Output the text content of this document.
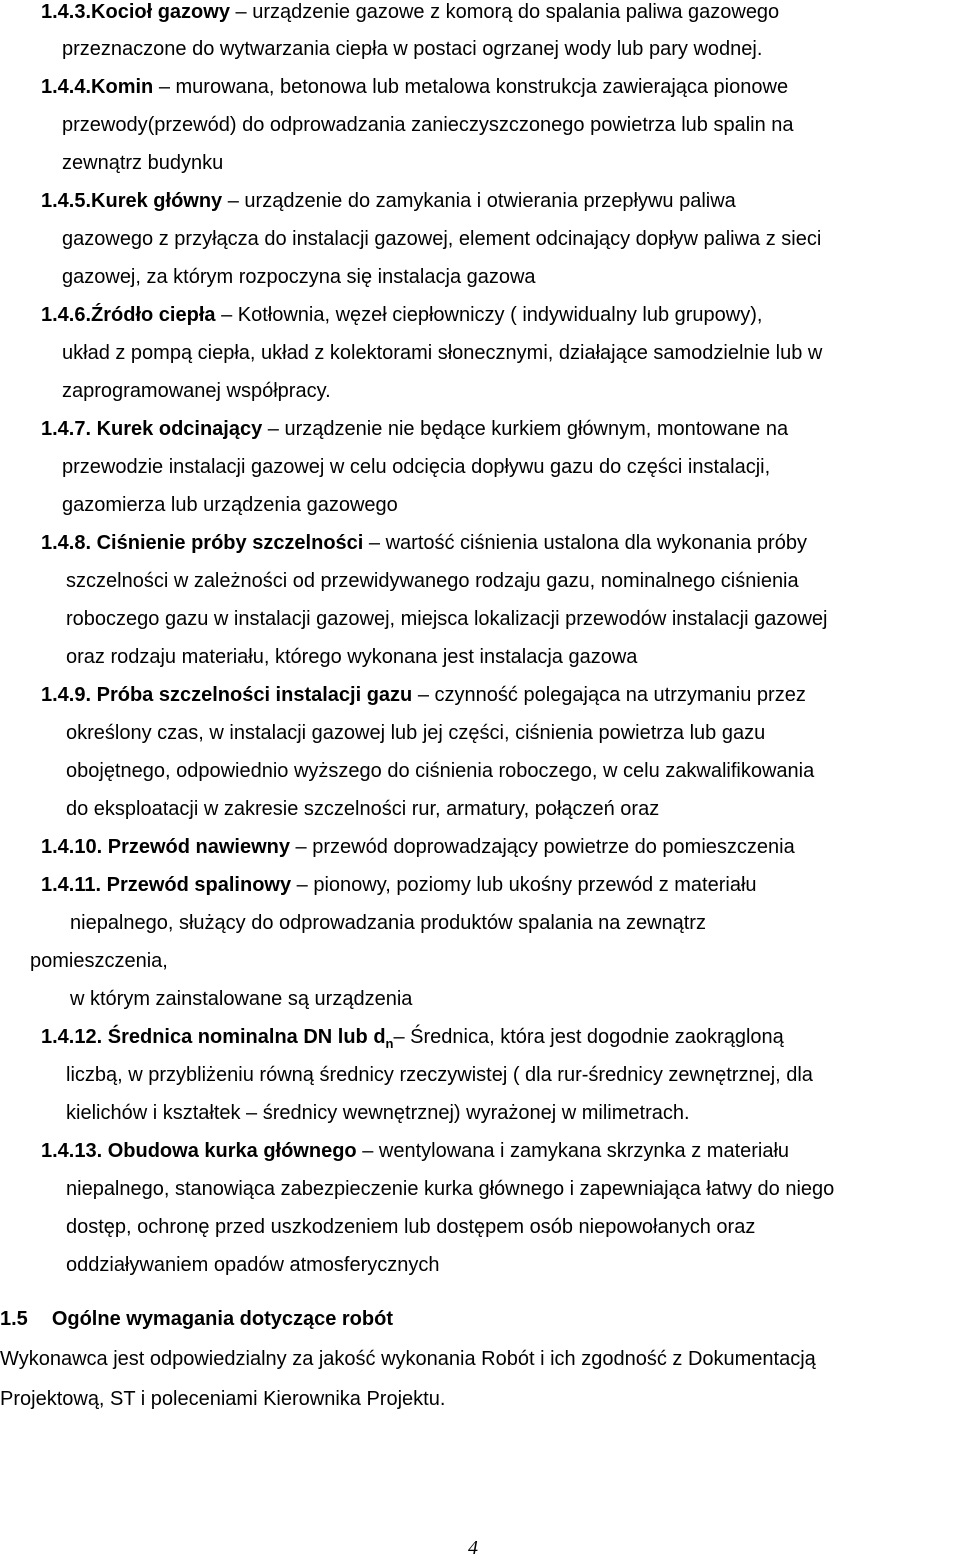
1.4.3.Kocioł gazowy – urządzenie gazowe z komorą do spalania paliwa gazowego
przeznaczone do wytwarzania ciepła w postaci ogrzanej wody lub pary wodnej.
1.4.4.Komin – murowana, betonowa lub metalowa konstrukcja zawierająca pionowe
przewody(przewód) do odprowadzania zanieczyszczonego powietrza lub spalin na
zewnątrz budynku
1.4.5.Kurek główny – urządzenie do zamykania i otwierania przepływu paliwa
gazowego z przyłącza do instalacji gazowej, element odcinający dopływ paliwa z sieci
gazowej, za którym rozpoczyna się instalacja gazowa
1.4.6.Źródło ciepła – Kotłownia, węzeł ciepłowniczy ( indywidualny lub grupowy),
układ z pompą ciepła, układ z kolektorami słonecznymi, działające samodzielnie lub w
zaprogramowanej współpracy.
1.4.7. Kurek odcinający – urządzenie nie będące kurkiem głównym, montowane na
przewodzie instalacji gazowej w celu odcięcia dopływu gazu do części instalacji,
gazomierza lub urządzenia gazowego
1.4.8. Ciśnienie próby szczelności – wartość ciśnienia ustalona dla wykonania próby
szczelności w zależności od przewidywanego rodzaju gazu, nominalnego ciśnienia
roboczego gazu w instalacji gazowej, miejsca lokalizacji przewodów instalacji gazowej
oraz rodzaju materiału, którego wykonana jest instalacja gazowa
1.4.9. Próba szczelności instalacji gazu – czynność polegająca na utrzymaniu przez
określony czas, w instalacji gazowej lub jej części, ciśnienia powietrza lub gazu
obojętnego, odpowiednio wyższego do ciśnienia roboczego, w celu zakwalifikowania
do eksploatacji w zakresie szczelności rur, armatury, połączeń oraz
1.4.10. Przewód nawiewny – przewód doprowadzający powietrze do pomieszczenia
1.4.11. Przewód spalinowy – pionowy, poziomy lub ukośny przewód z materiału
niepalnego, służący do odprowadzania produktów spalania na zewnątrz
pomieszczenia,
w którym zainstalowane są urządzenia
1.4.12. Średnica nominalna DN lub $d_n-$ Średnica, która jest dogodnie zaokrągloną
liczbą, w przybliżeniu równą średnicy rzeczywistej ( dla rur-średnicy zewnętrznej, dla
kielichów i kształtek – średnicy wewnętrznej) wyrażonej w milimetrach.
1.4.13. Obudowa kurka głównego – wentylowana i zamykana skrzynka z materiału
niepalnego, stanowiąca zabezpieczenie kurka głównego i zapewniająca łatwy do niego
dostęp, ochronę przed uszkodzeniem lub dostępem osób niepowołanych oraz
oddziaływaniem opadów atmosferycznych
1.5 Ogólne wymagania dotyczące robót
Wykonawca jest odpowiedzialny za jakość wykonania Robót i ich zgodność z Dokumentacją
Projektową, ST i poleceniami Kierownika Projektu.
4
